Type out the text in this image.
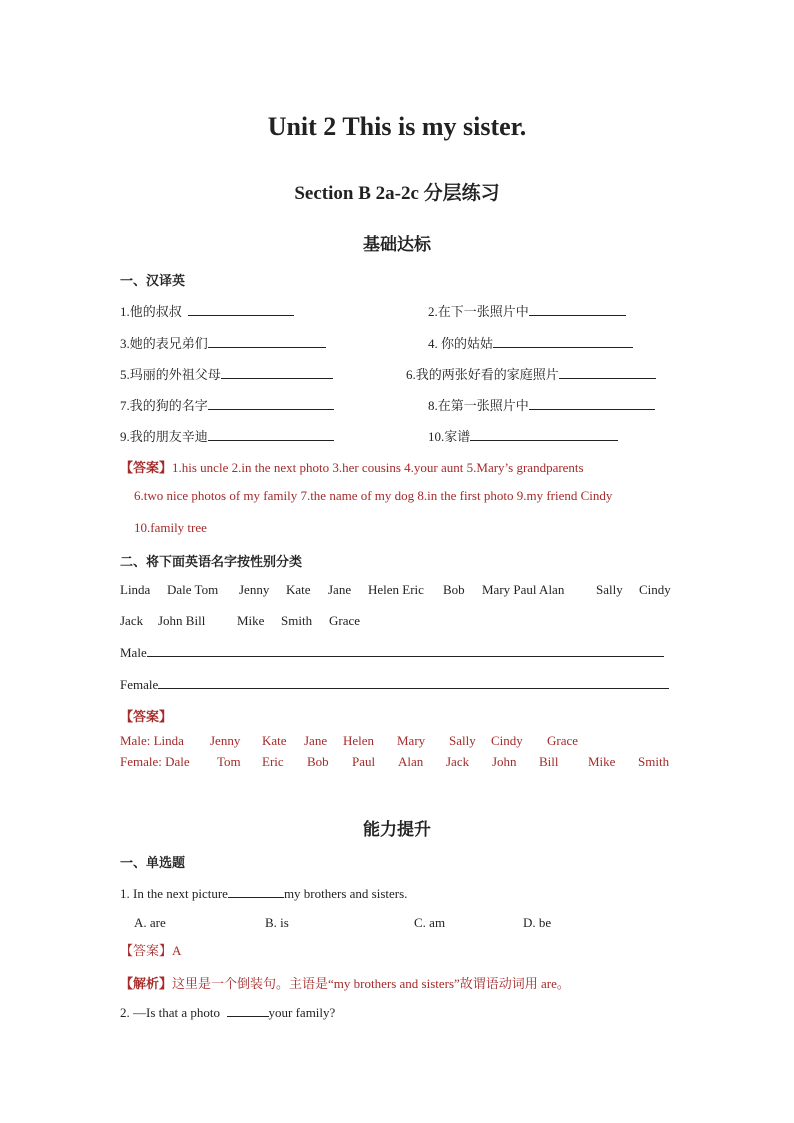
Unit 2 This is my sister.
Section B 2a-2c 分层练习
基础达标
一、汉译英
1.他的叔叔	2.在下一张照片中
3.她的表兄弟们	4. 你的姑姑
5.玛丽的外祖父母	6.我的两张好看的家庭照片
7.我的狗的名字	8.在第一张照片中
9.我的朋友辛迪	10.家谱
【答案】1.his uncle 2.in the next photo 3.her cousins 4.your aunt 5.Mary’s grandparents
6.two nice photos of my family 7.the name of my dog 8.in the first photo 9.my friend Cindy
10.family tree
二、将下面英语名字按性别分类
Linda Dale Tom Jenny Kate Jane Helen Eric Bob Mary Paul Alan Sally Cindy
Jack John Bill Mike Smith Grace
Male
Female
【答案】
Male: Linda Jenny Kate Jane Helen Mary Sally Cindy Grace
Female: Dale Tom Eric Bob Paul Alan Jack John Bill Mike Smith
能力提升
一、单选题
1. In the next picture	my brothers and sisters.
A. are	B. is	C. am	D. be
【答案】A
【解析】这里是一个倒装句。主语是“my brothers and sisters”故谓语动词用 are。
2. —Is that a photo	your family?
